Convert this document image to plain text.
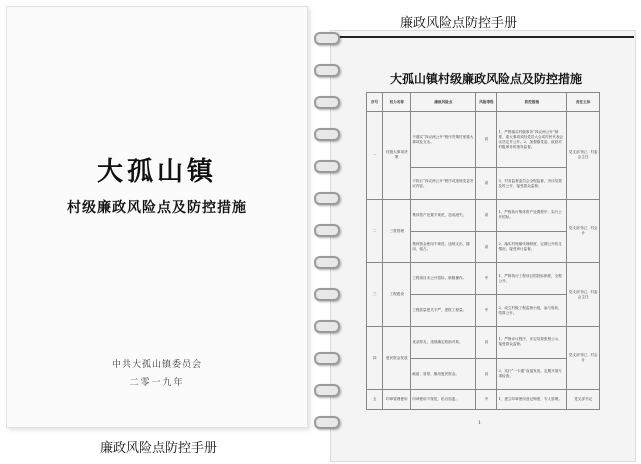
大孤山镇
村级廉政风险点及防控措施
中共大孤山镇委员会
二零一九年
廉政风险点防控手册
廉政风险点防控手册
大孤山镇村级廉政风险点及防控措施
序号	权力名称	廉政风险点	风险等级	防控措施	责任主体
一	村级大事项决策	不落实“四议两公开”程序决策村里重大事项及支出。	高	1、严格落实村级事务“四议两公开”制度，重大事项须经党员大会或村民代表会议决定并公开。2、加强镇党委、政府对村级事务的指导监督。	党支部书记、村委会主任
		不执行“四议两公开”程序或违规变更决议内容。	高	3、村务监督委员会全程监督，决议结果及时公开，接受群众监督。	
二	三资管理	集体资产处置不规范，造成流失。	高	1、严格执行集体资产处置程序，实行公开招标。	党支部书记、村会计
		集体资金使用不规范，违规支出、挪用、侵占。	高	2、落实村账镇代理制度，定期公开收支情况，接受审计监督。	
三	工程建设	工程项目未公开招标，暗箱操作。	中	1、严格执行工程项目招投标制度，全程公开。	党支部书记、村委会主任
		工程质量把关不严，虚报工程量。	中	2、成立村级工程监督小组，参与验收，结算公开。	
四	惠民资金发放	优亲厚友，违规确定救助对象。	高	1、严格评议程序，评定结果张榜公示，接受群众监督。	党支部书记、村会计
		截留、冒领、挪用惠民资金。	高	2、实行“一卡通”直接发放，定期开展专项检查。	
五	印章管理使用	印章使用不规范，私自加盖。	中	1、建立印章使用登记制度，专人管理。	党支部书记
1
